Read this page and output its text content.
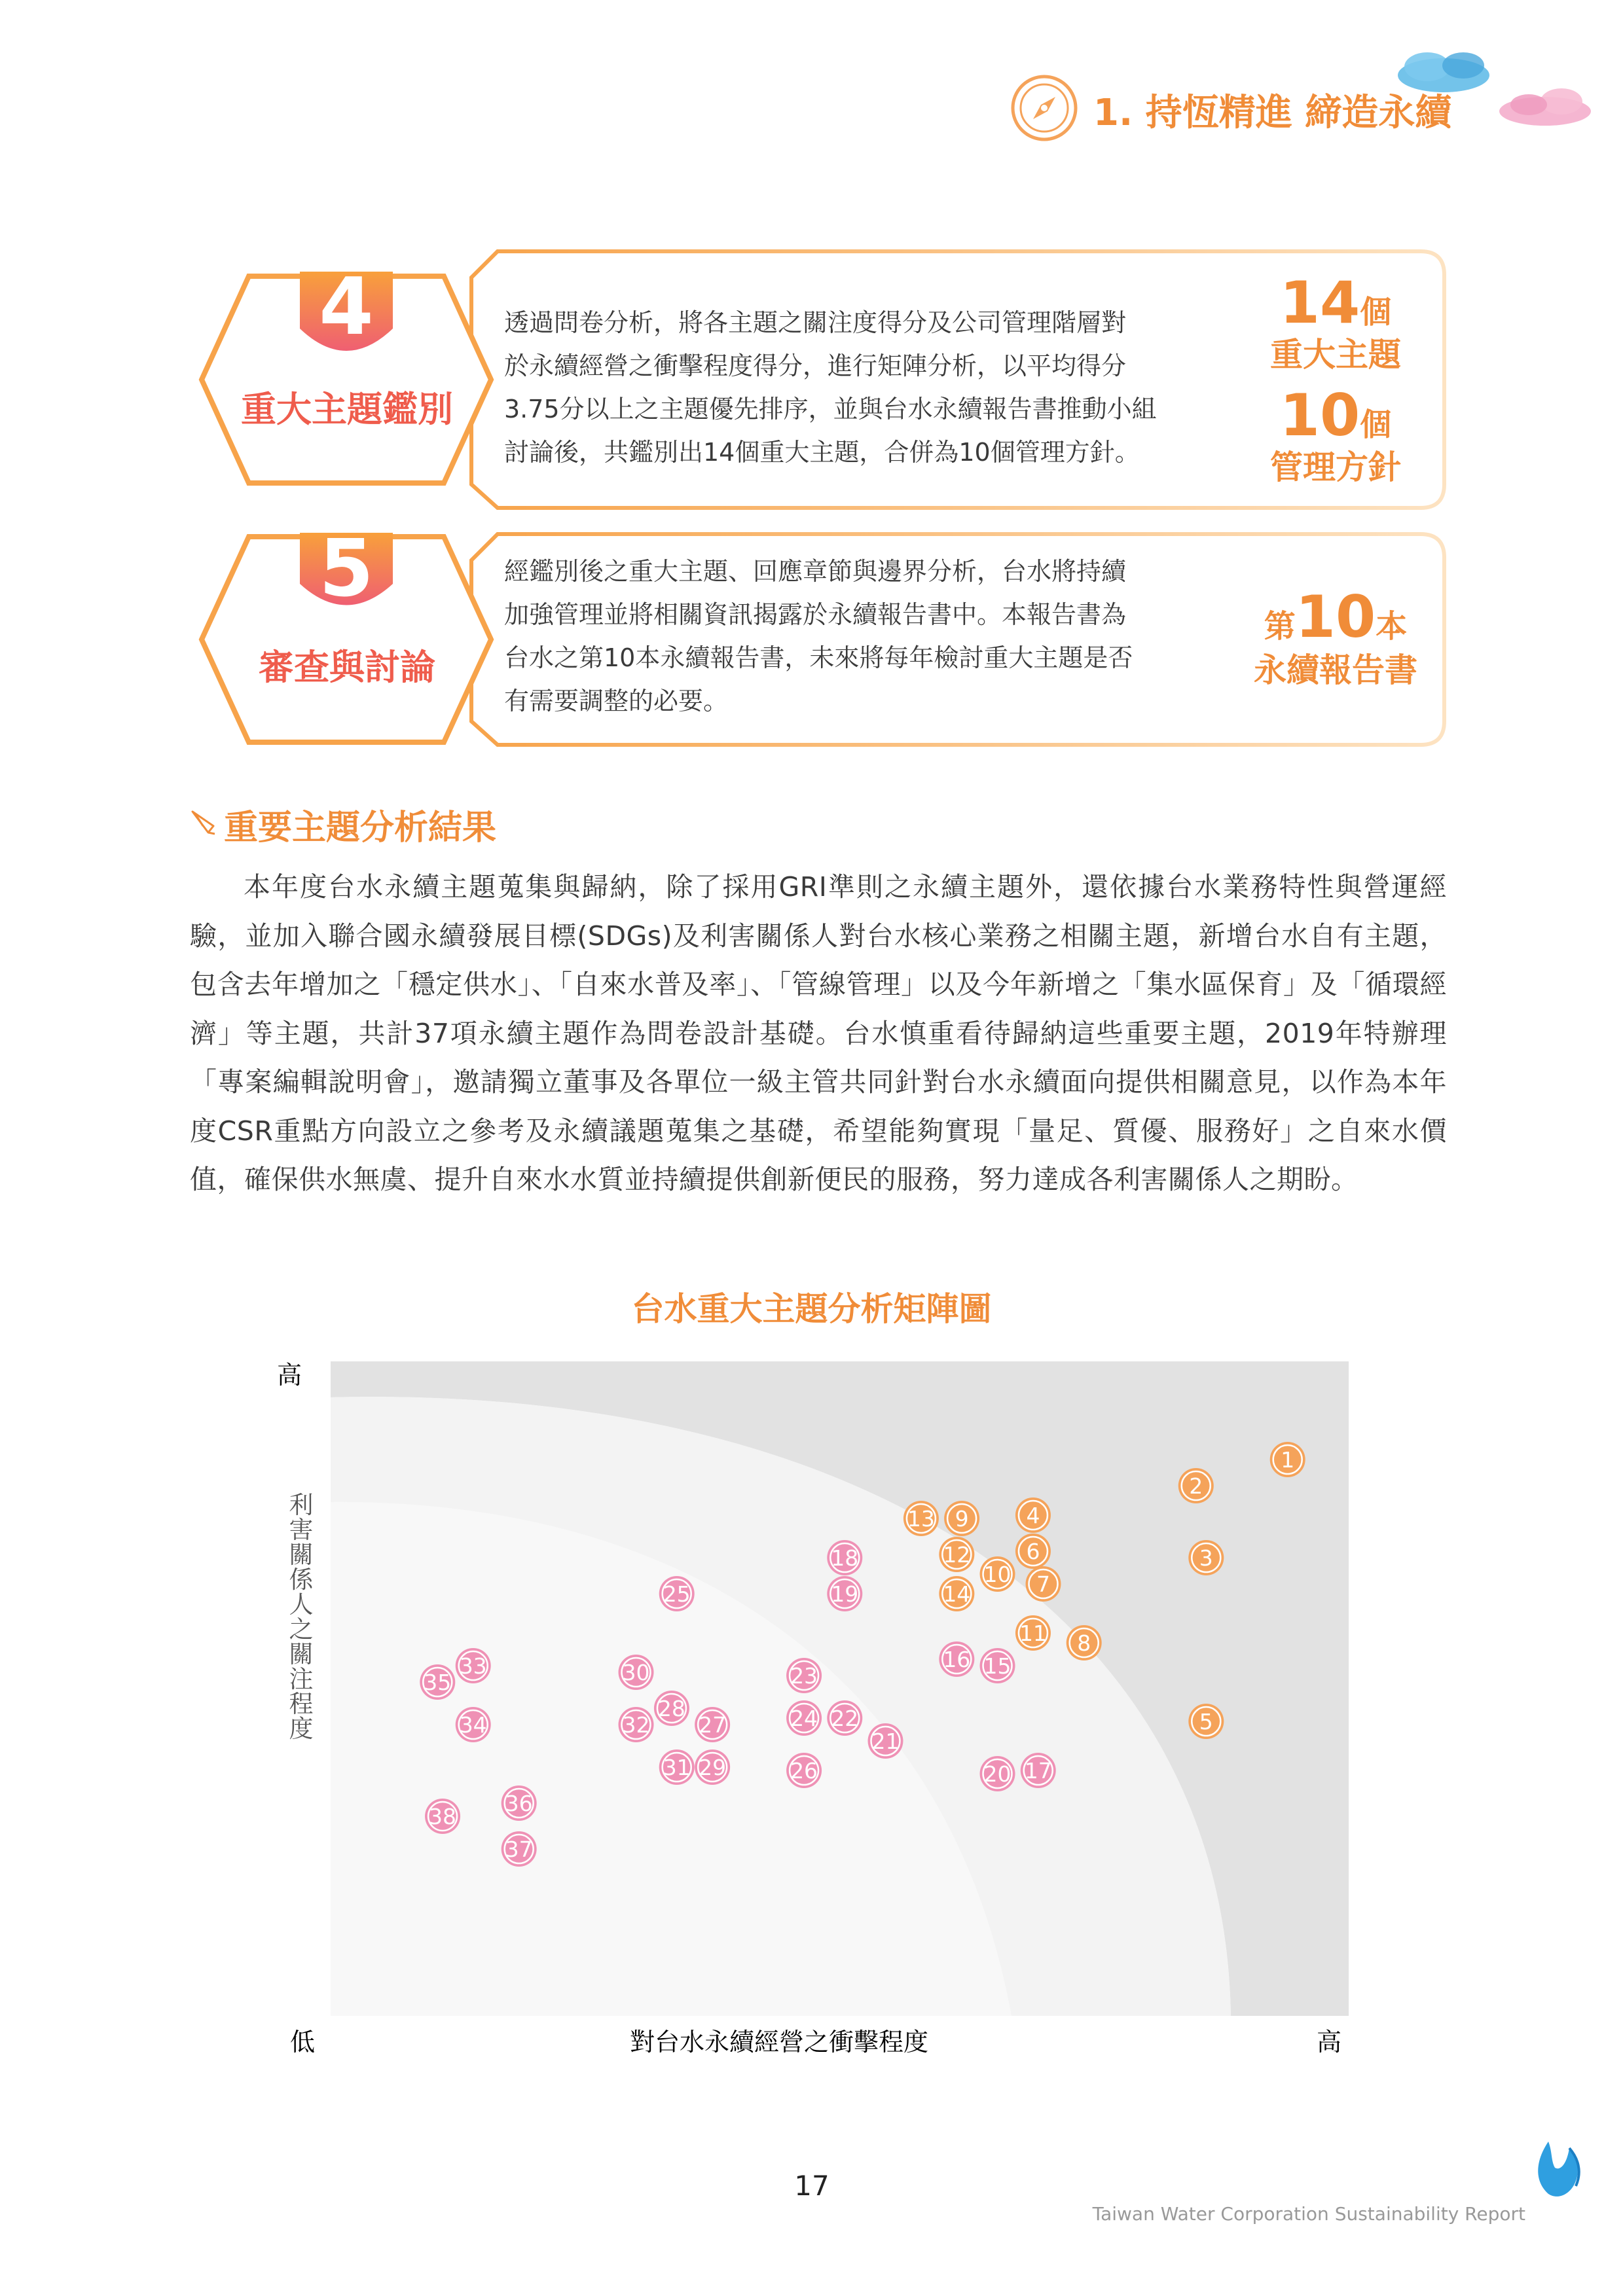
1. 持恆精進 締造永續
4
重大主題鑑別
透過問卷分析，將各主題之關注度得分及公司管理階層對
於永續經營之衝擊程度得分，進行矩陣分析，以平均得分
3.75分以上之主題優先排序，並與台水永續報告書推動小組
討論後，共鑑別出14個重大主題，合併為10個管理方針。
14個
重大主題
10個
管理方針
5
審查與討論
經鑑別後之重大主題、回應章節與邊界分析，台水將持續
加強管理並將相關資訊揭露於永續報告書中。本報告書為
台水之第10本永續報告書，未來將每年檢討重大主題是否
有需要調整的必要。
第10本
永續報告書
重要主題分析結果
本年度台水永續主題蒐集與歸納，除了採用GRI準則之永續主題外，還依據台水業務特性與營運經驗，並加入聯合國永續發展目標(SDGs)及利害關係人對台水核心業務之相關主題，新增台水自有主題，包含去年增加之「穩定供水」、「自來水普及率」、「管線管理」以及今年新增之「集水區保育」及「循環經濟」等主題，共計37項永續主題作為問卷設計基礎。台水慎重看待歸納這些重要主題，2019年特辦理「專案編輯說明會」，邀請獨立董事及各單位一級主管共同針對台水永續面向提供相關意見，以作為本年度CSR重點方向設立之參考及永續議題蒐集之基礎，希望能夠實現「量足、質優、服務好」之自來水價值，確保供水無虞、提升自來水水質並持續提供創新便民的服務，努力達成各利害關係人之期盼。
台水重大主題分析矩陣圖
1
2
3
4
5
6
7
8
9
10
11
12
13
14
15
16
17
18
19
20
21
22
23
24
25
26
27
28
29
30
31
32
33
34
35
36
37
38
高
低	高
對台水永續經營之衝擊程度
利
害
關
係
人
之
關
注
程
度
17
Taiwan Water Corporation Sustainability Report
